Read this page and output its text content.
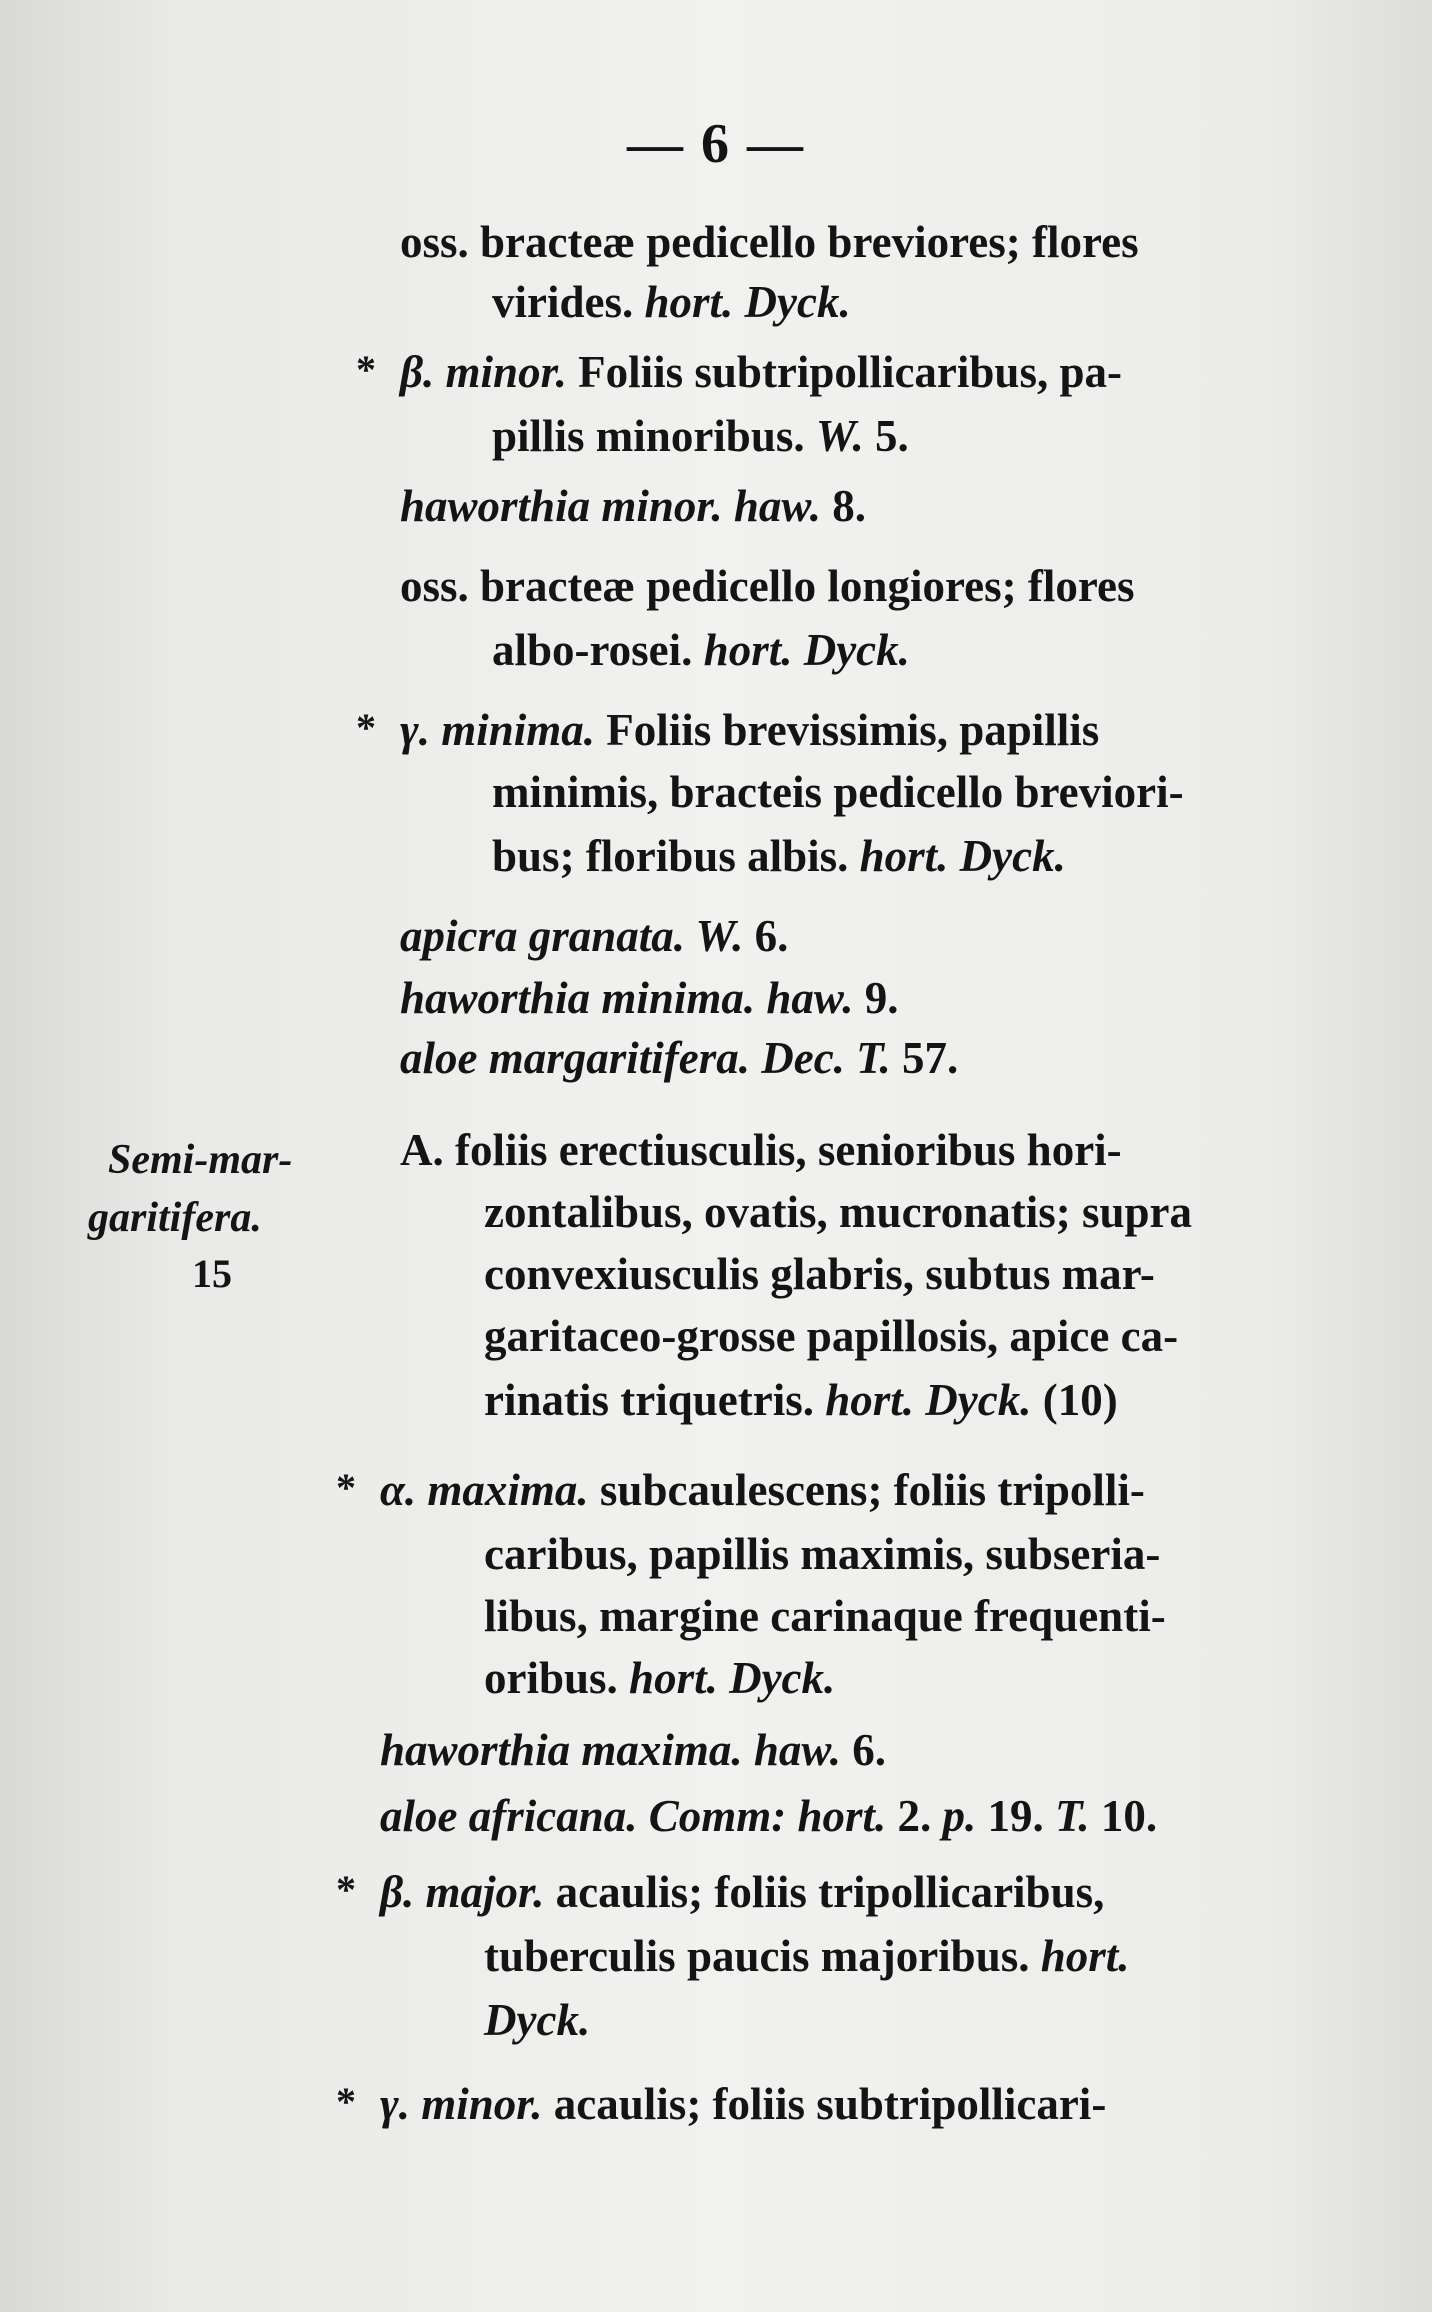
— 6 —
Semi-mar-
garitifera.
15
oss. bracteæ pedicello breviores; flores
virides. hort. Dyck.
* β. minor. Foliis subtripollicaribus, pa-
pillis minoribus. W. 5.
haworthia minor. haw. 8.
oss. bracteæ pedicello longiores; flores
albo-rosei. hort. Dyck.
* γ. minima. Foliis brevissimis, papillis
minimis, bracteis pedicello breviori-
bus; floribus albis. hort. Dyck.
apicra granata. W. 6.
haworthia minima. haw. 9.
aloe margaritifera. Dec. T. 57.
A. foliis erectiusculis, senioribus hori-
zontalibus, ovatis, mucronatis; supra
convexiusculis glabris, subtus mar-
garitaceo-grosse papillosis, apice ca-
rinatis triquetris. hort. Dyck. (10)
* α. maxima. subcaulescens; foliis tripolli-
caribus, papillis maximis, subseria-
libus, margine carinaque frequenti-
oribus. hort. Dyck.
haworthia maxima. haw. 6.
aloe africana. Comm: hort. 2. p. 19. T. 10.
* β. major. acaulis; foliis tripollicaribus,
tuberculis paucis majoribus. hort.
Dyck.
* γ. minor. acaulis; foliis subtripollicari-
